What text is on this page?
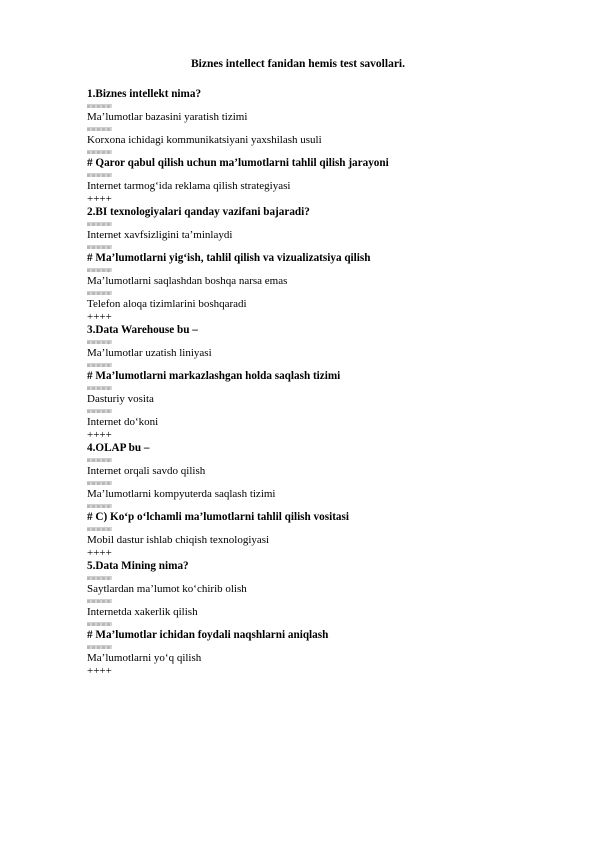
Biznes intellect fanidan hemis test savollari.
1.Biznes intellekt nima?
Ma’lumotlar bazasini yaratish tizimi
Korxona ichidagi kommunikatsiyani yaxshilash usuli
# Qaror qabul qilish uchun ma’lumotlarni tahlil qilish jarayoni
Internet tarmog‘ida reklama qilish strategiyasi
++++
2.BI texnologiyalari qanday vazifani bajaradi?
Internet xavfsizligini ta’minlaydi
# Ma’lumotlarni yig‘ish, tahlil qilish va vizualizatsiya qilish
Ma’lumotlarni saqlashdan boshqa narsa emas
Telefon aloqa tizimlarini boshqaradi
++++
3.Data Warehouse bu –
Ma’lumotlar uzatish liniyasi
# Ma’lumotlarni markazlashgan holda saqlash tizimi
Dasturiy vosita
Internet do‘koni
++++
4.OLAP bu –
Internet orqali savdo qilish
Ma’lumotlarni kompyuterda saqlash tizimi
# C) Ko‘p o‘lchamli ma’lumotlarni tahlil qilish vositasi
Mobil dastur ishlab chiqish texnologiyasi
++++
5.Data Mining nima?
Saytlardan ma’lumot ko‘chirib olish
Internetda xakerlik qilish
# Ma’lumotlar ichidan foydali naqshlarni aniqlash
Ma’lumotlarni yo‘q qilish
++++
